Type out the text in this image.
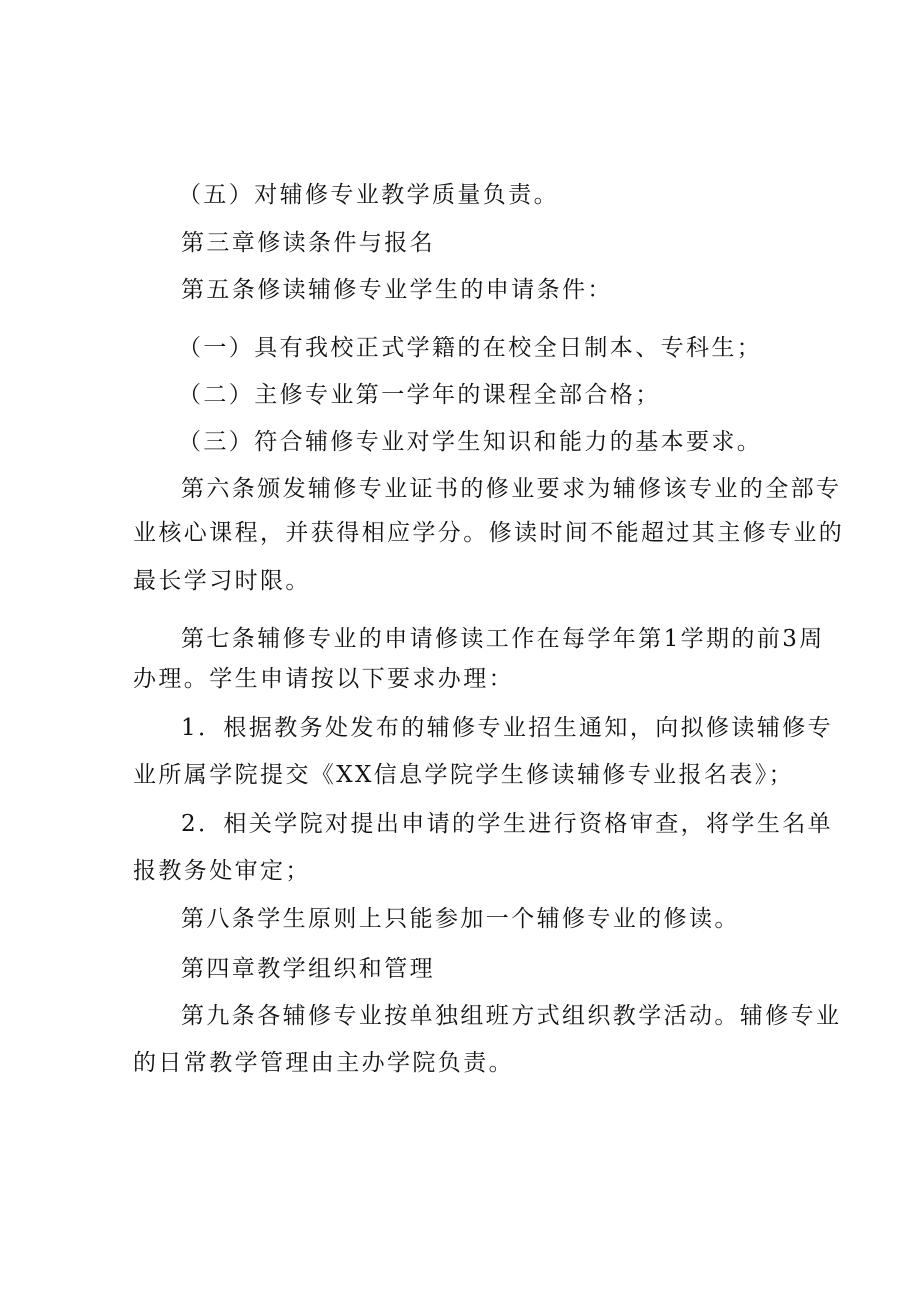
（五）对辅修专业教学质量负责。
第三章修读条件与报名
第五条修读辅修专业学生的申请条件：
（一）具有我校正式学籍的在校全日制本、专科生；
（二）主修专业第一学年的课程全部合格；
（三）符合辅修专业对学生知识和能力的基本要求。
第六条颁发辅修专业证书的修业要求为辅修该专业的全部专
业核心课程，并获得相应学分。修读时间不能超过其主修专业的
最长学习时限。
第七条辅修专业的申请修读工作在每学年第1学期的前3周
办理。学生申请按以下要求办理：
1．根据教务处发布的辅修专业招生通知，向拟修读辅修专
业所属学院提交《XX信息学院学生修读辅修专业报名表》；
2．相关学院对提出申请的学生进行资格审查，将学生名单
报教务处审定；
第八条学生原则上只能参加一个辅修专业的修读。
第四章教学组织和管理
第九条各辅修专业按单独组班方式组织教学活动。辅修专业
的日常教学管理由主办学院负责。
